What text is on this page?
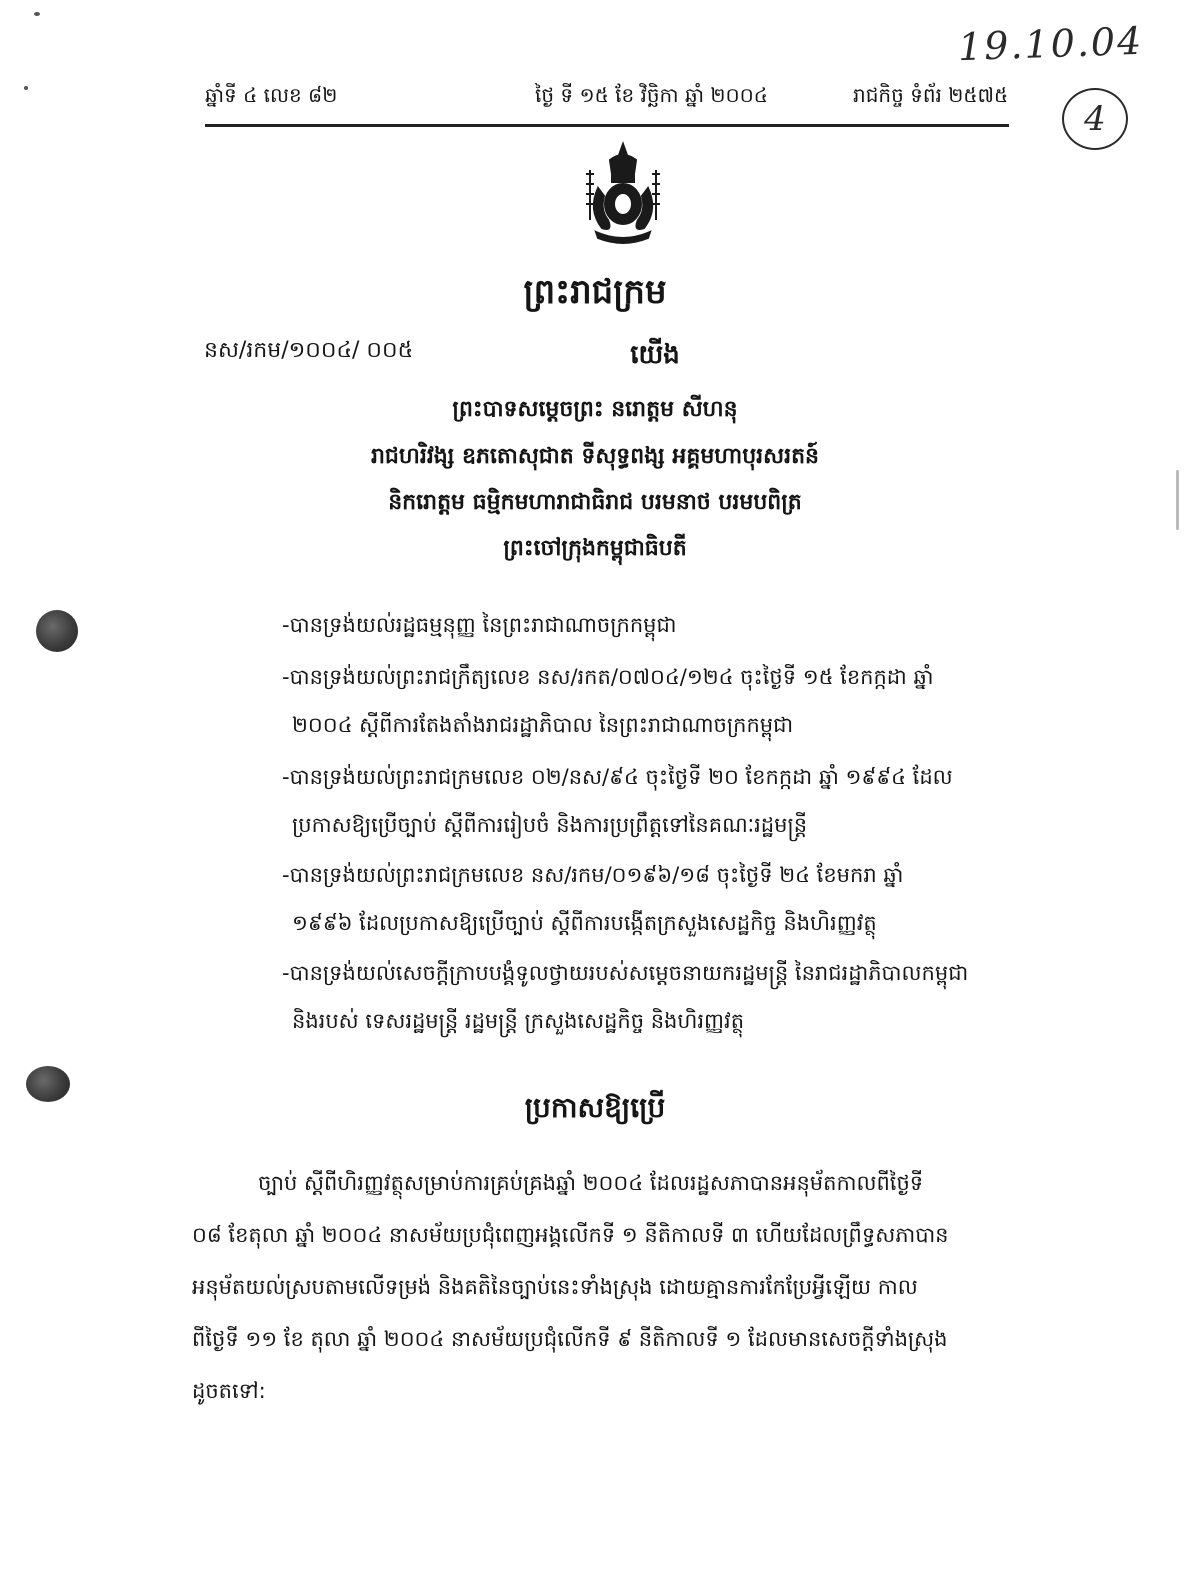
19.10.04
4
ឆ្នាំទី ៤ លេខ ៨២	ថ្ងៃ ទី ១៥ ខែ វិច្ឆិកា ឆ្នាំ ២០០៤	រាជកិច្ច ទំព័រ ២៥៧៥
ព្រះរាជក្រម
នស/រកម/១០០៤/ ០០៥	យើង
ព្រះបាទសម្តេចព្រះ នរោត្តម សីហនុ
រាជហរិវង្ស ឧភតោសុជាត ទីសុទ្ធពង្ស អគ្គមហាបុរសរតន៍
និករោត្តម ធម្មិកមហារាជាធិរាជ បរមនាថ បរមបពិត្រ
ព្រះចៅក្រុងកម្ពុជាធិបតី
-បានទ្រង់យល់រដ្ឋធម្មនុញ្ញ នៃព្រះរាជាណាចក្រកម្ពុជា
-បានទ្រង់យល់ព្រះរាជក្រឹត្យលេខ នស/រកត/០៧០៤/១២៤ ចុះថ្ងៃទី ១៥ ខែកក្កដា ឆ្នាំ
២០០៤ ស្តីពីការតែងតាំងរាជរដ្ឋាភិបាល នៃព្រះរាជាណាចក្រកម្ពុជា
-បានទ្រង់យល់ព្រះរាជក្រមលេខ ០២/នស/៩៤ ចុះថ្ងៃទី ២០ ខែកក្កដា ឆ្នាំ ១៩៩៤ ដែល
ប្រកាសឱ្យប្រើច្បាប់ ស្តីពីការរៀបចំ និងការប្រព្រឹត្តទៅនៃគណៈរដ្ឋមន្ត្រី
-បានទ្រង់យល់ព្រះរាជក្រមលេខ នស/រកម/០១៩៦/១៨ ចុះថ្ងៃទី ២៤ ខែមករា ឆ្នាំ
១៩៩៦ ដែលប្រកាសឱ្យប្រើច្បាប់ ស្តីពីការបង្កើតក្រសួងសេដ្ឋកិច្ច និងហិរញ្ញវត្ថុ
-បានទ្រង់យល់សេចក្តីក្រាបបង្គំទូលថ្វាយរបស់សម្តេចនាយករដ្ឋមន្ត្រី នៃរាជរដ្ឋាភិបាលកម្ពុជា
និងរបស់ ទេសរដ្ឋមន្ត្រី រដ្ឋមន្ត្រី ក្រសួងសេដ្ឋកិច្ច និងហិរញ្ញវត្ថុ
ប្រកាសឱ្យប្រើ
ច្បាប់ ស្តីពីហិរញ្ញវត្ថុសម្រាប់ការគ្រប់គ្រងឆ្នាំ ២០០៤ ដែលរដ្ឋសភាបានអនុម័តកាលពីថ្ងៃទី
០៨ ខែតុលា ឆ្នាំ ២០០៤ នាសម័យប្រជុំពេញអង្គលើកទី ១ នីតិកាលទី ៣ ហើយដែលព្រឹទ្ធសភាបាន
អនុម័តយល់ស្របតាមលើទម្រង់ និងគតិនៃច្បាប់នេះទាំងស្រុង ដោយគ្មានការកែប្រែអ្វីឡើយ កាល
ពីថ្ងៃទី ១១ ខែ តុលា ឆ្នាំ ២០០៤ នាសម័យប្រជុំលើកទី ៩ នីតិកាលទី ១ ដែលមានសេចក្តីទាំងស្រុង
ដូចតទៅ:
